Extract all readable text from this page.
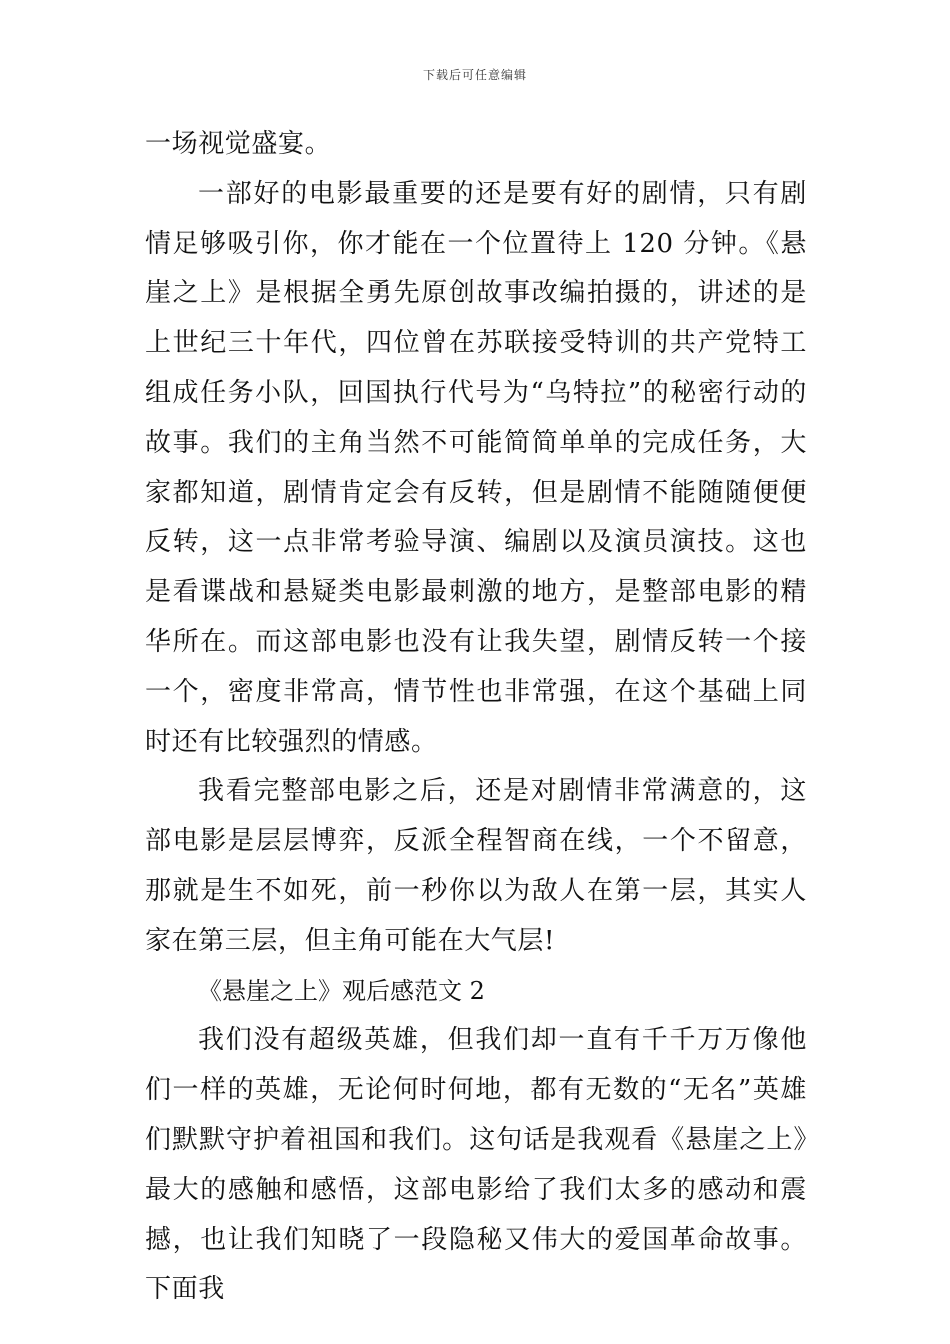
下载后可任意编辑

一场视觉盛宴。

一部好的电影最重要的还是要有好的剧情，只有剧情足够吸引你，你才能在一个位置待上 120 分钟。《悬崖之上》是根据全勇先原创故事改编拍摄的，讲述的是上世纪三十年代，四位曾在苏联接受特训的共产党特工组成任务小队，回国执行代号为“乌特拉”的秘密行动的故事。我们的主角当然不可能简简单单的完成任务，大家都知道，剧情肯定会有反转，但是剧情不能随随便便反转，这一点非常考验导演、编剧以及演员演技。这也是看谍战和悬疑类电影最刺激的地方，是整部电影的精华所在。而这部电影也没有让我失望，剧情反转一个接一个，密度非常高，情节性也非常强，在这个基础上同时还有比较强烈的情感。

我看完整部电影之后，还是对剧情非常满意的，这部电影是层层博弈，反派全程智商在线，一个不留意，那就是生不如死，前一秒你以为敌人在第一层，其实人家在第三层，但主角可能在大气层!

《悬崖之上》观后感范文 2

我们没有超级英雄，但我们却一直有千千万万像他们一样的英雄，无论何时何地，都有无数的“无名”英雄们默默守护着祖国和我们。这句话是我观看《悬崖之上》最大的感触和感悟，这部电影给了我们太多的感动和震撼，也让我们知晓了一段隐秘又伟大的爱国革命故事。下面我
